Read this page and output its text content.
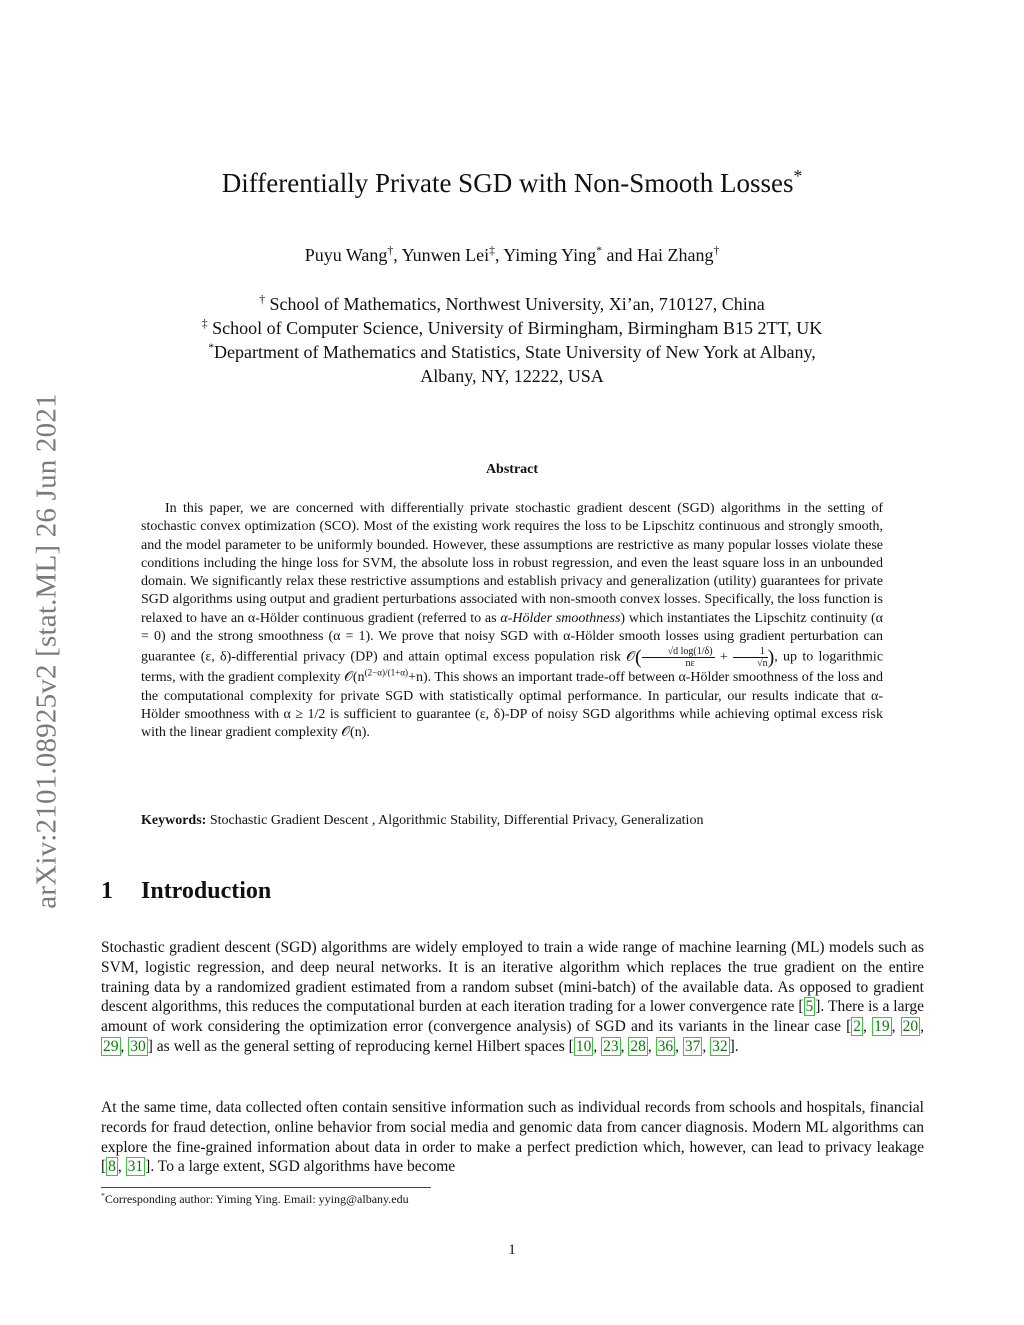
arXiv:2101.08925v2 [stat.ML] 26 Jun 2021
Differentially Private SGD with Non-Smooth Losses*
Puyu Wang†, Yunwen Lei‡, Yiming Ying* and Hai Zhang†
† School of Mathematics, Northwest University, Xi’an, 710127, China
‡ School of Computer Science, University of Birmingham, Birmingham B15 2TT, UK
*Department of Mathematics and Statistics, State University of New York at Albany,
Albany, NY, 12222, USA
Abstract
In this paper, we are concerned with differentially private stochastic gradient descent (SGD) algorithms in the setting of stochastic convex optimization (SCO). Most of the existing work requires the loss to be Lipschitz continuous and strongly smooth, and the model parameter to be uniformly bounded. However, these assumptions are restrictive as many popular losses violate these conditions including the hinge loss for SVM, the absolute loss in robust regression, and even the least square loss in an unbounded domain. We significantly relax these restrictive assumptions and establish privacy and generalization (utility) guarantees for private SGD algorithms using output and gradient perturbations associated with non-smooth convex losses. Specifically, the loss function is relaxed to have an α-Hölder continuous gradient (referred to as α-Hölder smoothness) which instantiates the Lipschitz continuity (α = 0) and the strong smoothness (α = 1). We prove that noisy SGD with α-Hölder smooth losses using gradient perturbation can guarantee (ε, δ)-differential privacy (DP) and attain optimal excess population risk 𝒪( $\frac{\text{√d log(1/δ)}}{n\varepsilon} + \frac{1}{√n}$ ), up to logarithmic terms, with the gradient complexity $𝒪(n^{(2-\alpha)/(1+\alpha)}+n)$. This shows an important trade-off between α-Hölder smoothness of the loss and the computational complexity for private SGD with statistically optimal performance. In particular, our results indicate that α-Hölder smoothness with α ≥ 1/2 is sufficient to guarantee (ε, δ)-DP of noisy SGD algorithms while achieving optimal excess risk with the linear gradient complexity 𝒪(n).
Keywords: Stochastic Gradient Descent , Algorithmic Stability, Differential Privacy, Generalization
1 Introduction
Stochastic gradient descent (SGD) algorithms are widely employed to train a wide range of machine learning (ML) models such as SVM, logistic regression, and deep neural networks. It is an iterative algorithm which replaces the true gradient on the entire training data by a randomized gradient estimated from a random subset (mini-batch) of the available data. As opposed to gradient descent algorithms, this reduces the computational burden at each iteration trading for a lower convergence rate [ 5 ]. There is a large amount of work considering the optimization error (convergence analysis) of SGD and its variants in the linear case [ 2 , 19 , 20 , 29 , 30 ] as well as the general setting of reproducing kernel Hilbert spaces [ 10 , 23 , 28 , 36 , 37 , 32 ].
At the same time, data collected often contain sensitive information such as individual records from schools and hospitals, financial records for fraud detection, online behavior from social media and genomic data from cancer diagnosis. Modern ML algorithms can explore the fine-grained information about data in order to make a perfect prediction which, however, can lead to privacy leakage [ 8 , 31 ]. To a large extent, SGD algorithms have become
*Corresponding author: Yiming Ying. Email: yying@albany.edu
1
